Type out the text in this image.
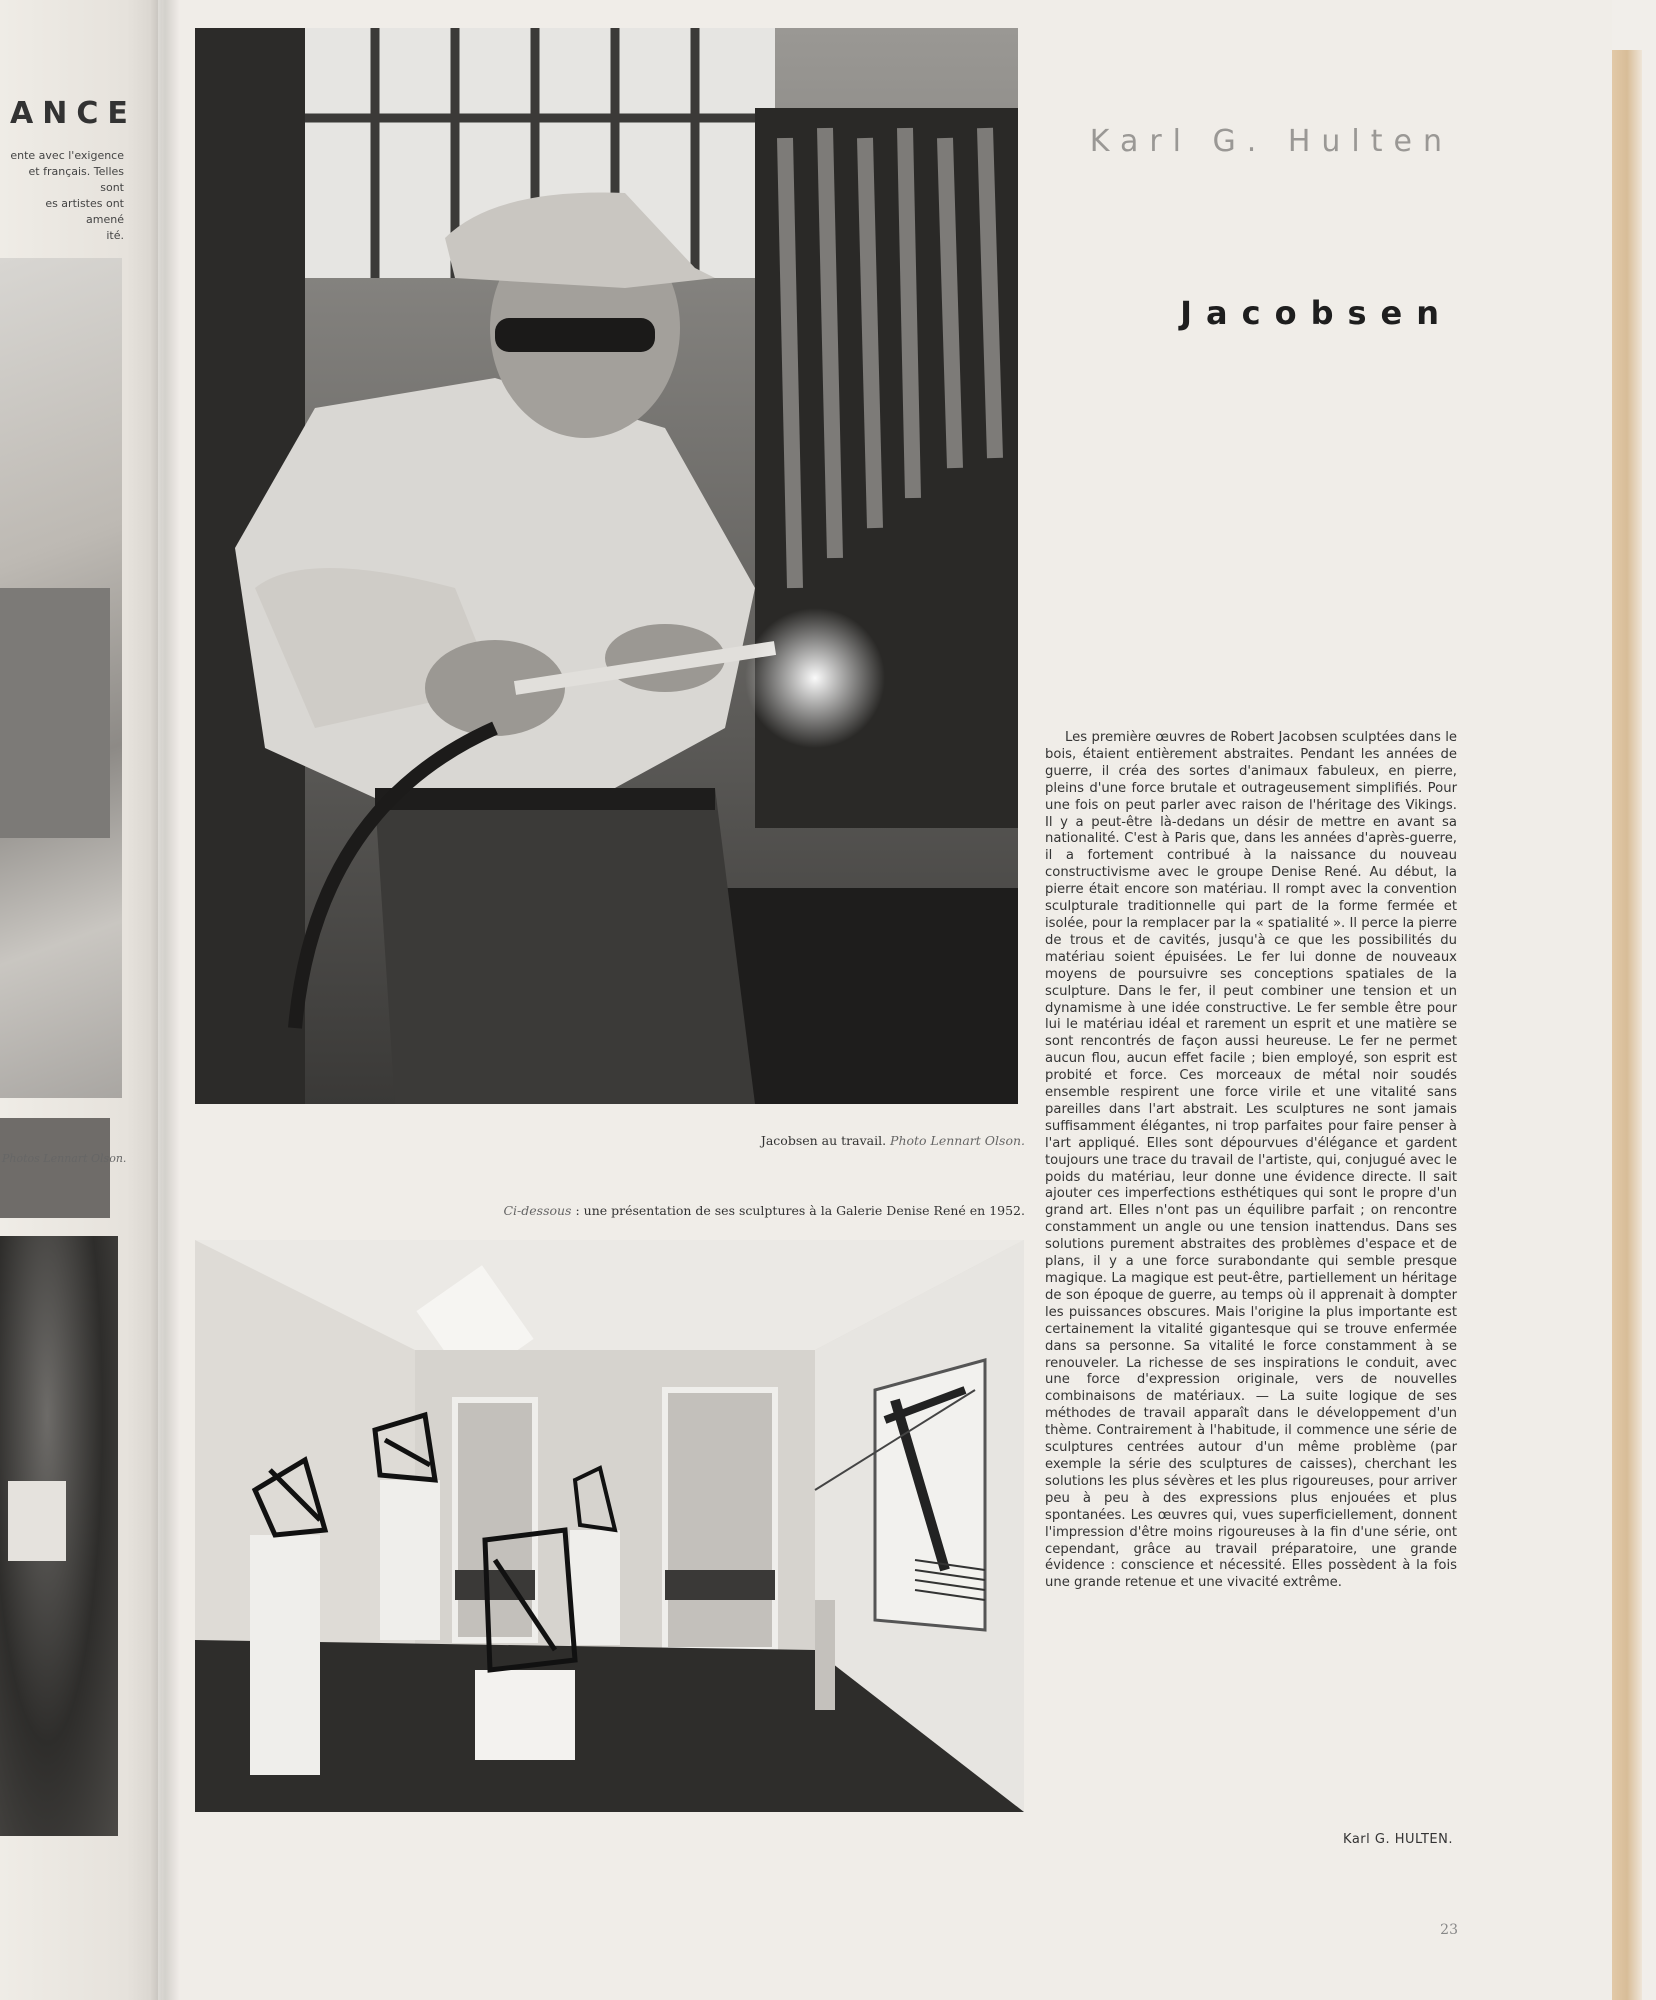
ANCE
ente avec l'exigence
et français. Telles sont
es artistes ont amené
ité.
Photos Lennart Olson.
Karl G. Hulten
Jacobsen
Jacobsen au travail. Photo Lennart Olson.
Ci-dessous : une présentation de ses sculptures à la Galerie Denise René en 1952.
Les première œuvres de Robert Jacobsen sculptées dans le bois, étaient entièrement abstraites. Pendant les années de guerre, il créa des sortes d'animaux fabuleux, en pierre, pleins d'une force brutale et outrageusement simplifiés. Pour une fois on peut parler avec raison de l'héritage des Vikings. Il y a peut-être là-dedans un désir de mettre en avant sa nationalité. C'est à Paris que, dans les années d'après-guerre, il a fortement contribué à la naissance du nouveau constructivisme avec le groupe Denise René. Au début, la pierre était encore son matériau. Il rompt avec la convention sculpturale traditionnelle qui part de la forme fermée et isolée, pour la remplacer par la « spatialité ». Il perce la pierre de trous et de cavités, jusqu'à ce que les possibilités du matériau soient épuisées. Le fer lui donne de nouveaux moyens de poursuivre ses conceptions spatiales de la sculpture. Dans le fer, il peut combiner une tension et un dynamisme à une idée constructive. Le fer semble être pour lui le matériau idéal et rarement un esprit et une matière se sont rencontrés de façon aussi heureuse. Le fer ne permet aucun flou, aucun effet facile ; bien employé, son esprit est probité et force. Ces morceaux de métal noir soudés ensemble respirent une force virile et une vitalité sans pareilles dans l'art abstrait. Les sculptures ne sont jamais suffisamment élégantes, ni trop parfaites pour faire penser à l'art appliqué. Elles sont dépourvues d'élégance et gardent toujours une trace du travail de l'artiste, qui, conjugué avec le poids du matériau, leur donne une évidence directe. Il sait ajouter ces imperfections esthétiques qui sont le propre d'un grand art. Elles n'ont pas un équilibre parfait ; on rencontre constamment un angle ou une tension inattendus. Dans ses solutions purement abstraites des problèmes d'espace et de plans, il y a une force surabondante qui semble presque magique. La magique est peut-être, partiellement un héritage de son époque de guerre, au temps où il apprenait à dompter les puissances obscures. Mais l'origine la plus importante est certainement la vitalité gigantesque qui se trouve enfermée dans sa personne. Sa vitalité le force constamment à se renouveler. La richesse de ses inspirations le conduit, avec une force d'expression originale, vers de nouvelles combinaisons de matériaux. — La suite logique de ses méthodes de travail apparaît dans le développement d'un thème. Contrairement à l'habitude, il commence une série de sculptures centrées autour d'un même problème (par exemple la série des sculptures de caisses), cherchant les solutions les plus sévères et les plus rigoureuses, pour arriver peu à peu à des expressions plus enjouées et plus spontanées. Les œuvres qui, vues superficiellement, donnent l'impression d'être moins rigoureuses à la fin d'une série, ont cependant, grâce au travail préparatoire, une grande évidence : conscience et nécessité. Elles possèdent à la fois une grande retenue et une vivacité extrême.
Karl G. HULTEN.
23
